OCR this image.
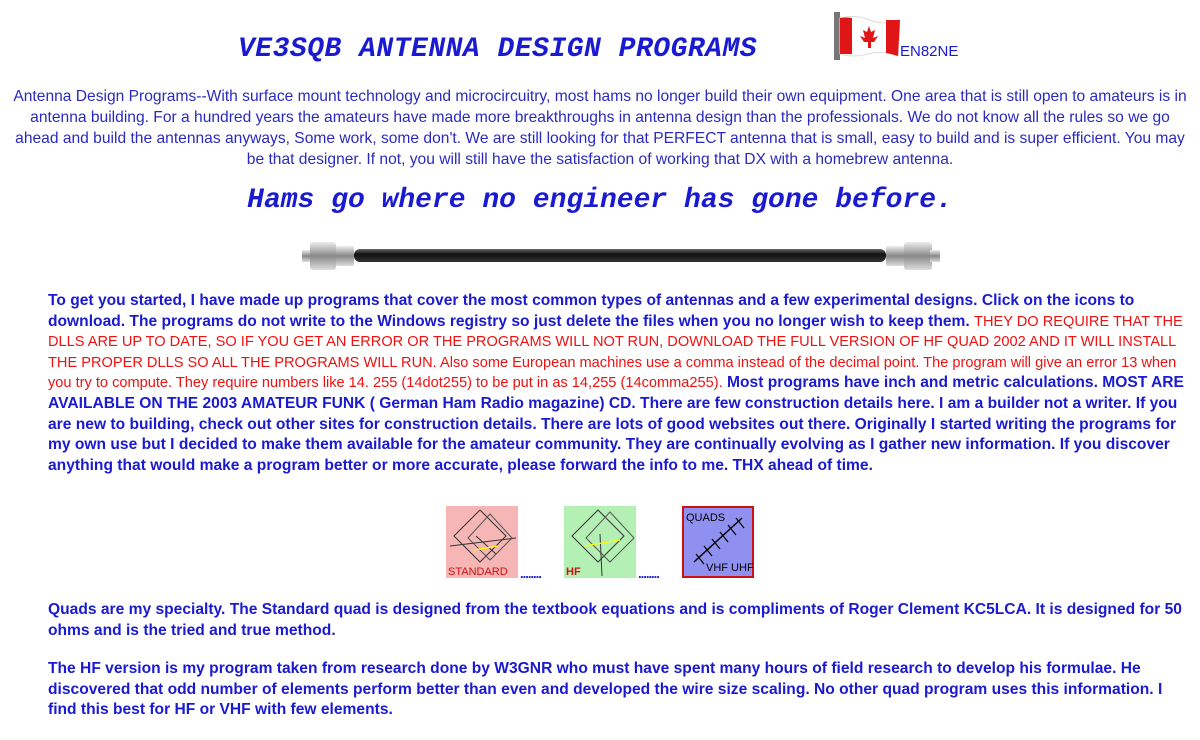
VE3SQB ANTENNA DESIGN PROGRAMS	EN82NE
Antenna Design Programs--With surface mount technology and microcircuitry, most hams no longer build their own equipment. One area that is still open to amateurs is in antenna building. For a hundred years the amateurs have made more breakthroughs in antenna design than the professionals. We do not know all the rules so we go ahead and build the antennas anyways, Some work, some don't. We are still looking for that PERFECT antenna that is small, easy to build and is super efficient. You may be that designer. If not, you will still have the satisfaction of working that DX with a homebrew antenna.
Hams go where no engineer has gone before.
To get you started, I have made up programs that cover the most common types of antennas and a few experimental designs. Click on the icons to download. The programs do not write to the Windows registry so just delete the files when you no longer wish to keep them. THEY DO REQUIRE THAT THE DLLS ARE UP TO DATE, SO IF YOU GET AN ERROR OR THE PROGRAMS WILL NOT RUN, DOWNLOAD THE FULL VERSION OF HF QUAD 2002 AND IT WILL INSTALL THE PROPER DLLS SO ALL THE PROGRAMS WILL RUN. Also some European machines use a comma instead of the decimal point. The program will give an error 13 when you try to compute. They require numbers like 14. 255 (14dot255) to be put in as 14,255 (14comma255). Most programs have inch and metric calculations. MOST ARE AVAILABLE ON THE 2003 AMATEUR FUNK ( German Ham Radio magazine) CD. There are few construction details here. I am a builder not a writer. If you are new to building, check out other sites for construction details. There are lots of good websites out there. Originally I started writing the programs for my own use but I decided to make them available for the amateur community. They are continually evolving as I gather new information. If you discover anything that would make a program better or more accurate, please forward the info to me. THX ahead of time.
STANDARD ........ HF	........
QUADS
VHF UHF
Quads are my specialty. The Standard quad is designed from the textbook equations and is compliments of Roger Clement KC5LCA. It is designed for 50 ohms and is the tried and true method.
The HF version is my program taken from research done by W3GNR who must have spent many hours of field research to develop his formulae. He discovered that odd number of elements perform better than even and developed the wire size scaling. No other quad program uses this information. I find this best for HF or VHF with few elements.
